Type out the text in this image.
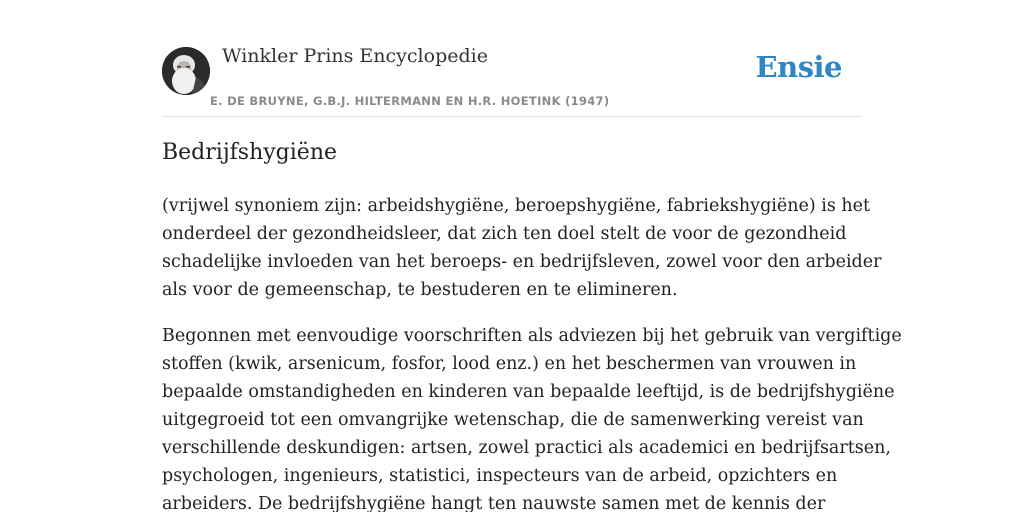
Winkler Prins Encyclopedie
E. DE BRUYNE, G.B.J. HILTERMANN EN H.R. HOETINK (1947)
Ensie
Bedrijfshygiëne

(vrijwel synoniem zijn: arbeidshygiëne, beroepshygiëne, fabriekshygiëne) is het
onderdeel der gezondheidsleer, dat zich ten doel stelt de voor de gezondheid
schadelijke invloeden van het beroeps- en bedrijfsleven, zowel voor den arbeider
als voor de gemeenschap, te bestuderen en te elimineren.

Begonnen met eenvoudige voorschriften als adviezen bij het gebruik van vergiftige
stoffen (kwik, arsenicum, fosfor, lood enz.) en het beschermen van vrouwen in
bepaalde omstandigheden en kinderen van bepaalde leeftijd, is de bedrijfshygiëne
uitgegroeid tot een omvangrijke wetenschap, die de samenwerking vereist van
verschillende deskundigen: artsen, zowel practici als academici en bedrijfsartsen,
psychologen, ingenieurs, statistici, inspecteurs van de arbeid, opzichters en
arbeiders. De bedrijfshygiëne hangt ten nauwste samen met de kennis der
